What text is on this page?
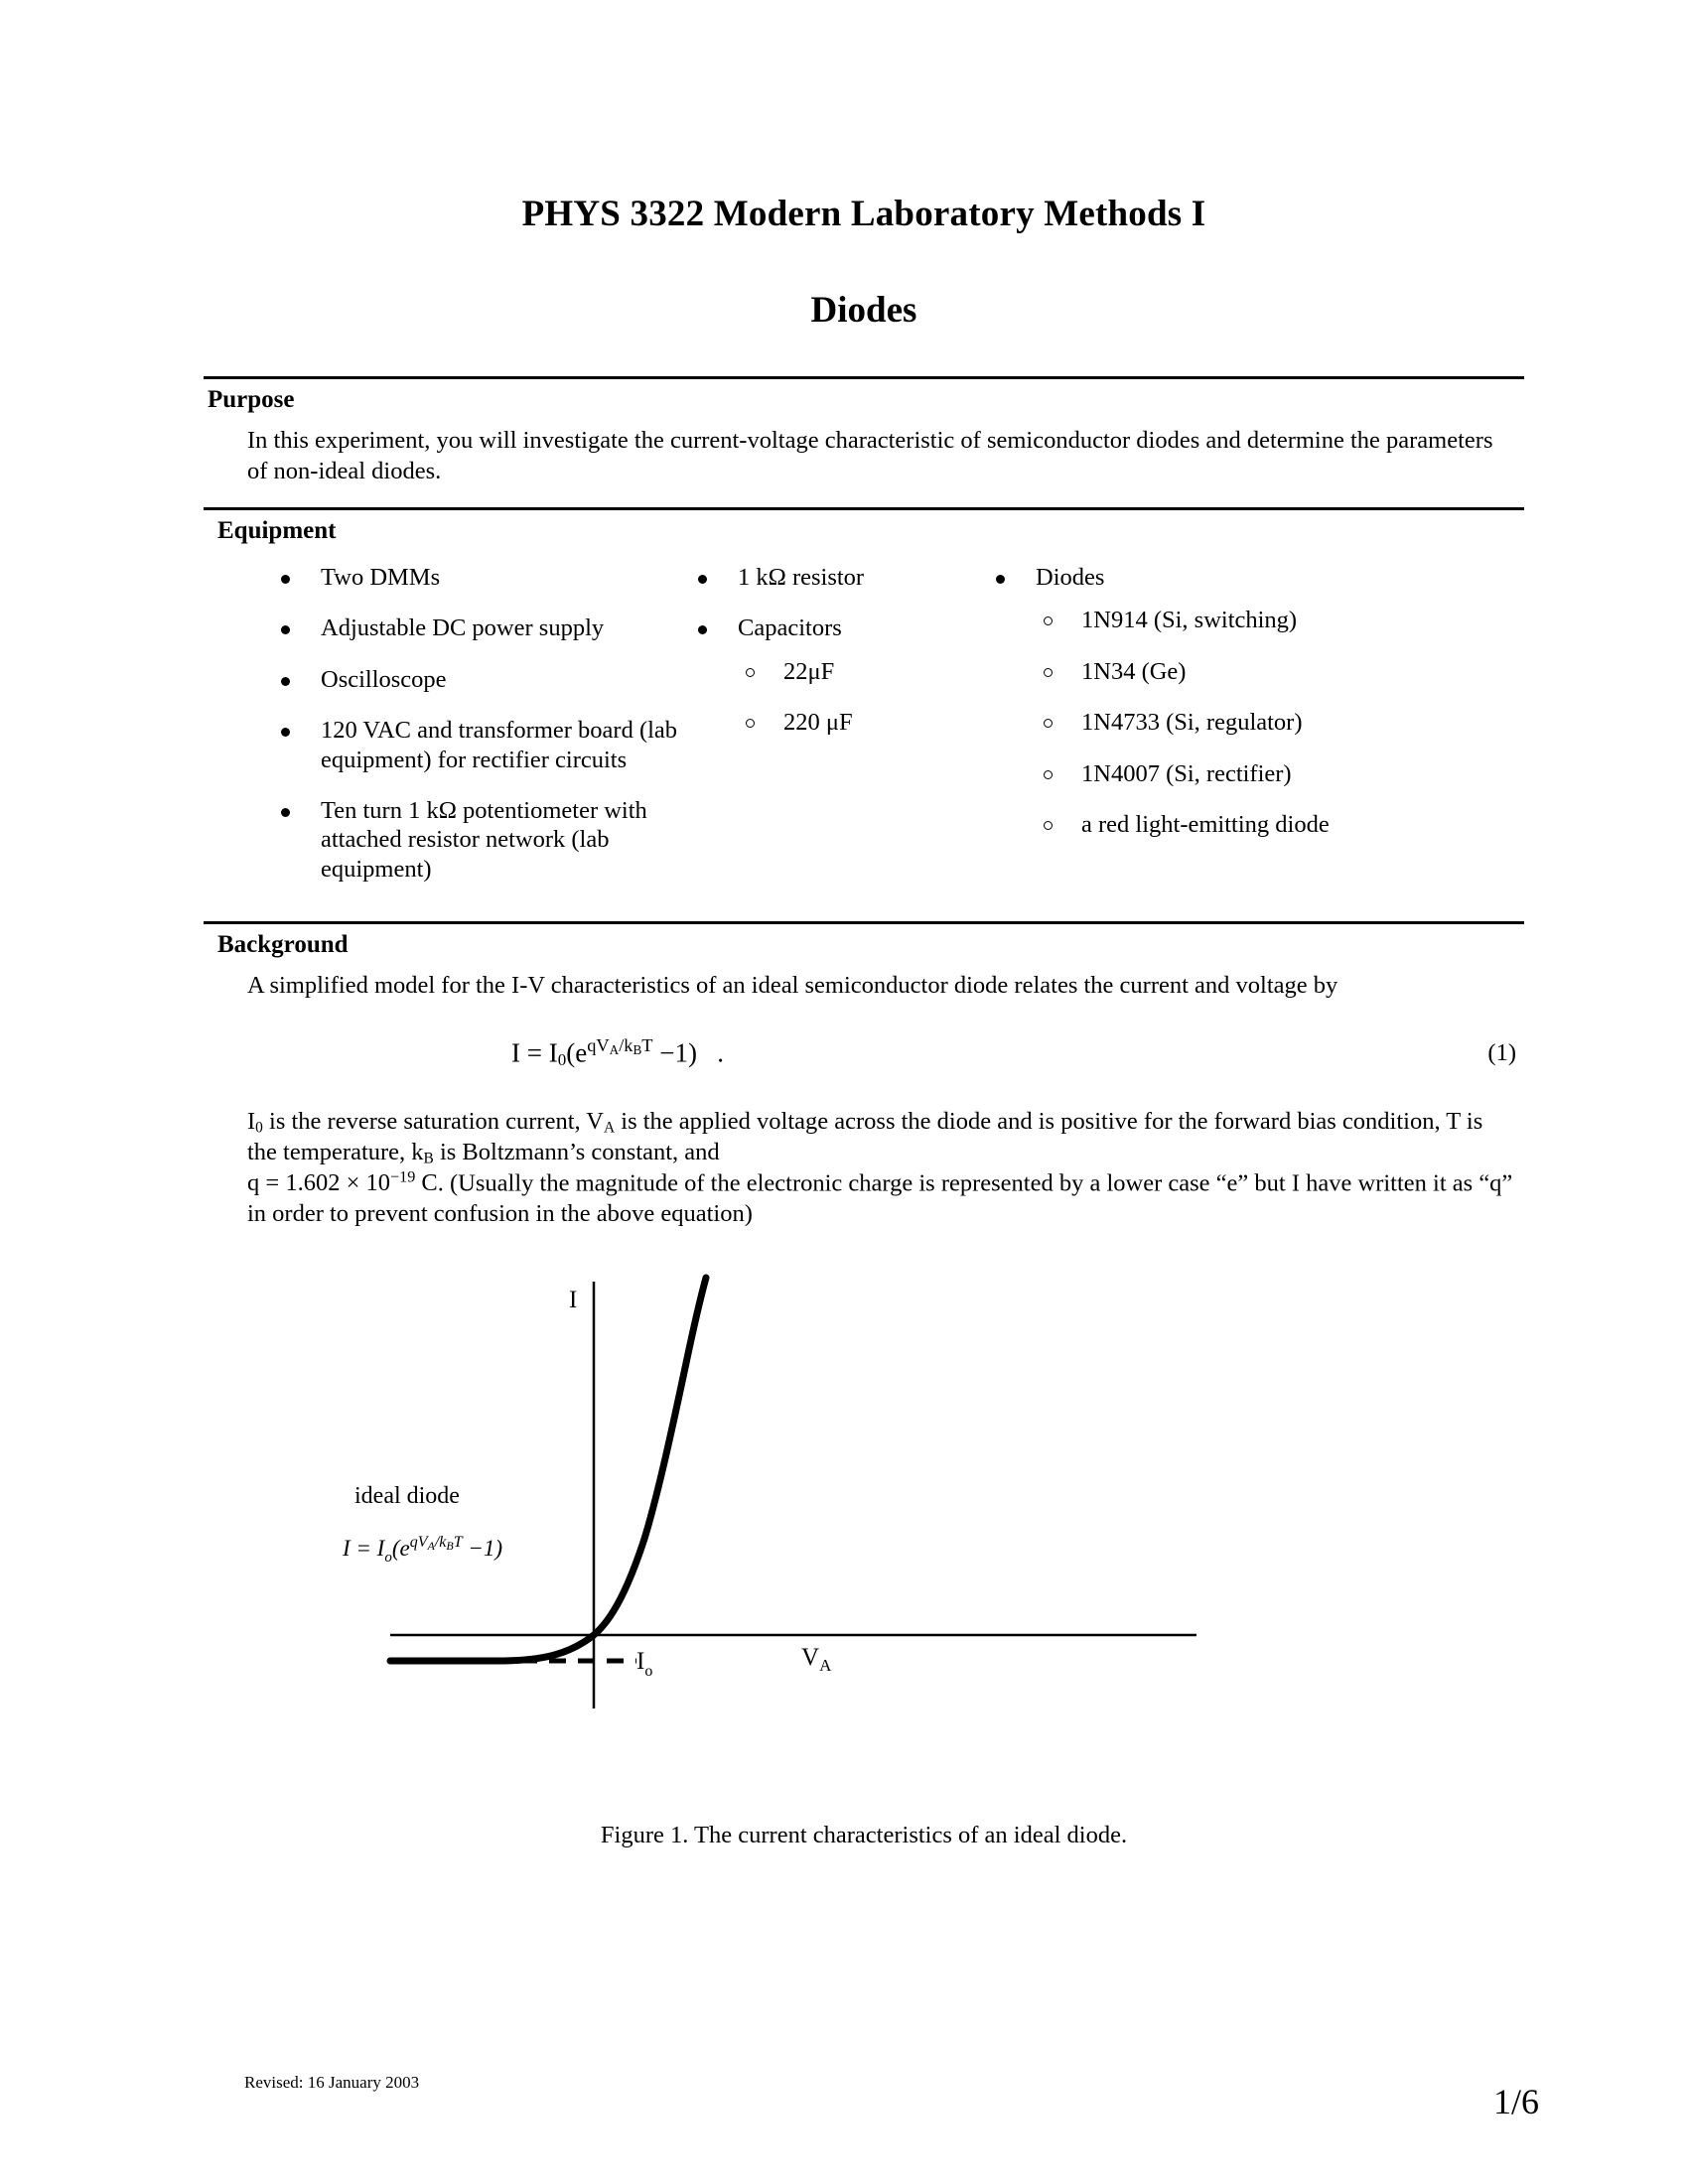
PHYS 3322 Modern Laboratory Methods I
Diodes
Purpose
In this experiment, you will investigate the current-voltage characteristic of semiconductor diodes and determine the parameters of non-ideal diodes.
Equipment
Two DMMs
Adjustable DC power supply
Oscilloscope
120 VAC and transformer board (lab equipment) for rectifier circuits
Ten turn 1 kΩ potentiometer with attached resistor network (lab equipment)
1 kΩ resistor
Capacitors
22μF
220 μF
Diodes
1N914 (Si, switching)
1N34 (Ge)
1N4733 (Si, regulator)
1N4007 (Si, rectifier)
a red light-emitting diode
Background
A simplified model for the I-V characteristics of an ideal semiconductor diode relates the current and voltage by
$I = I_0(e^{qV_A/k_BT} -1)$   .	(1)
$I_0$ is the reverse saturation current, $V_A$ is the applied voltage across the diode and is positive for the forward bias condition, T is the temperature, $k_B$ is Boltzmann’s constant, and
$q = 1.602 \times 10^{-19}$ C. (Usually the magnitude of the electronic charge is represented by a lower case “e” but I have written it as “q” in order to prevent confusion in the above equation)
I
$V_A$
$I_o$
ideal diode
$I = I_o(e^{qV}A$/kBT −1)
Figure 1. The current characteristics of an ideal diode.
Revised: 16 January 2003	1/6
